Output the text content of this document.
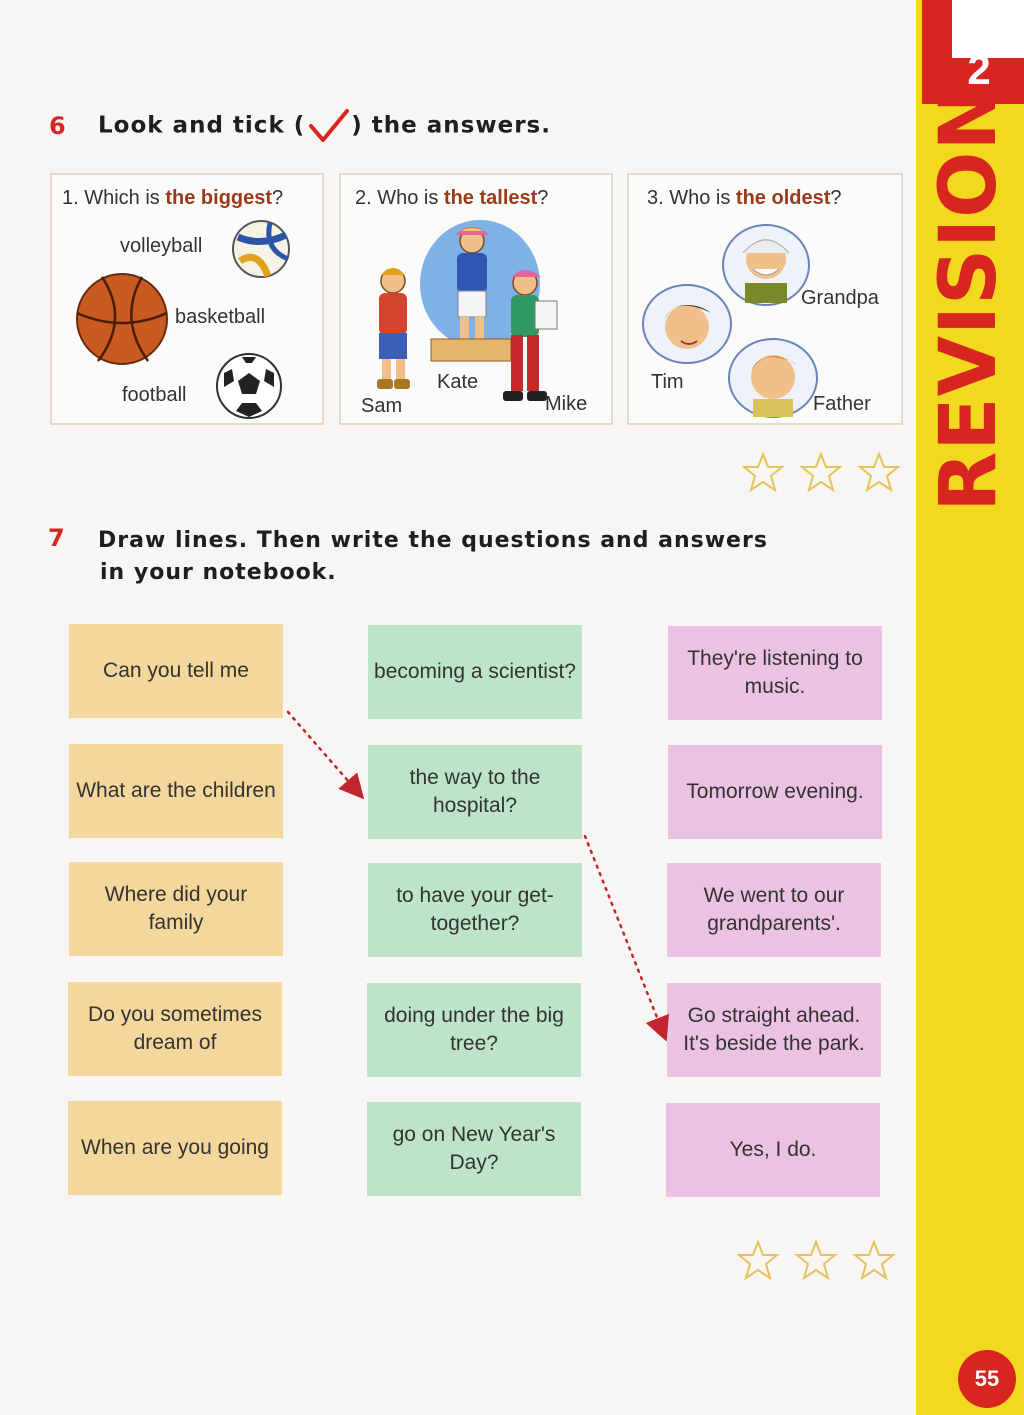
2
REVISION
55
6 Look and tick ( ) the answers.
1. Which is the biggest?
volleyball
basketball
football
2. Who is the tallest?
Kate
Sam	Mike
3. Who is the oldest?
Grandpa
Tim
Father
7 Draw lines. Then write the questions and answers
in your notebook.
Can you tell me
What are the children
Where did your family
Do you sometimes dream of
When are you going
becoming a scientist?
the way to the hospital?
to have your get-together?
doing under the big tree?
go on New Year's Day?
They're listening to music.
Tomorrow evening.
We went to our grandparents'.
Go straight ahead. It's beside the park.
Yes, I do.
